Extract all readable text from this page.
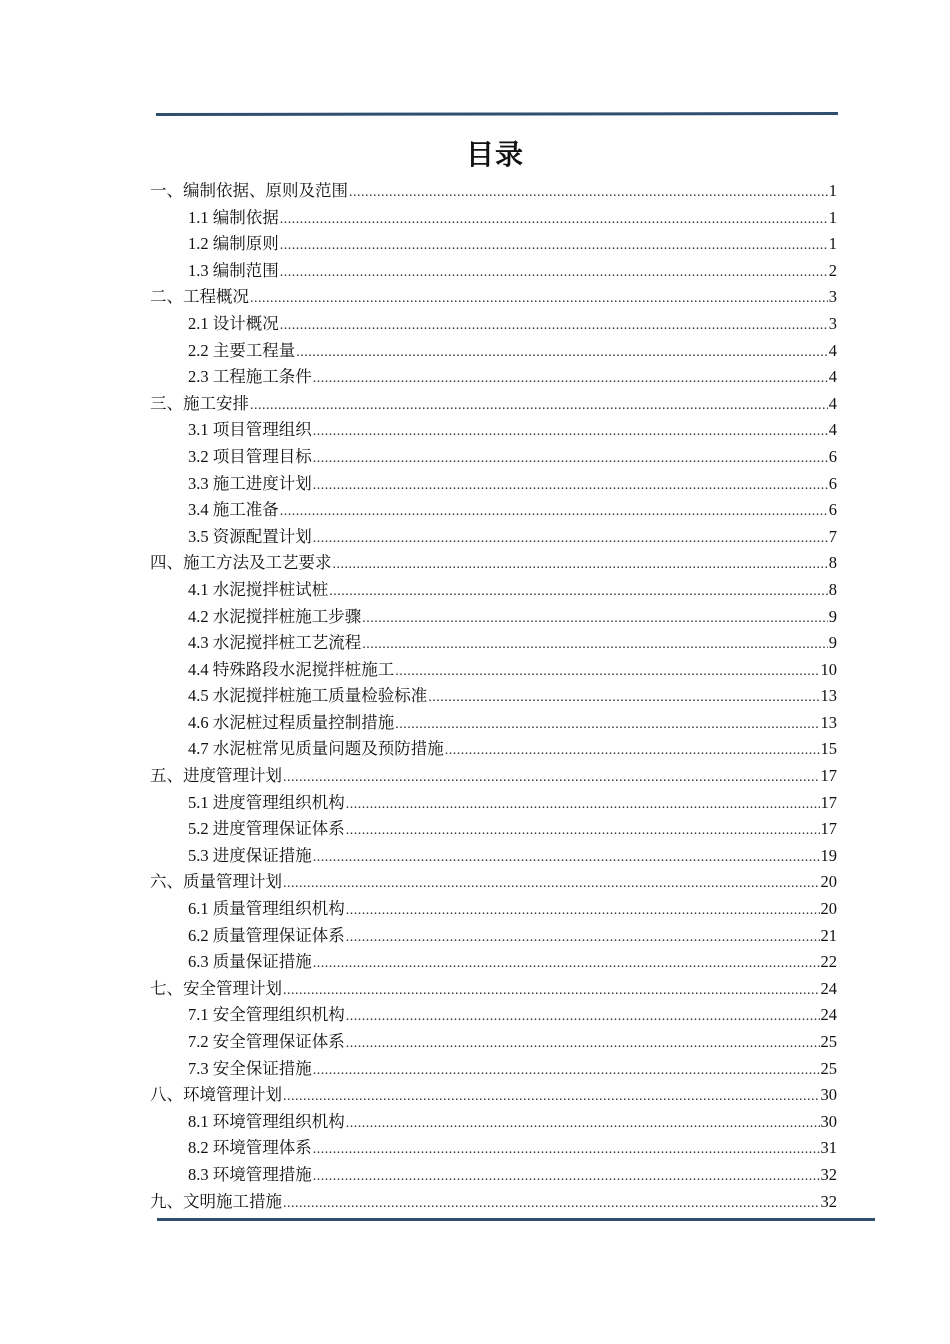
目录
一、编制依据、原则及范围 .....	1
1.1 编制依据 .....	1
1.2 编制原则 .....	1
1.3 编制范围 .....	2
二、工程概况 .....	3
2.1 设计概况 .....	3
2.2 主要工程量 .....	4
2.3 工程施工条件 .....	4
三、施工安排 .....	4
3.1 项目管理组织 .....	4
3.2 项目管理目标 .....	6
3.3 施工进度计划 .....	6
3.4 施工准备 .....	6
3.5 资源配置计划 .....	7
四、施工方法及工艺要求 .....	8
4.1 水泥搅拌桩试桩 .....	8
4.2 水泥搅拌桩施工步骤 .....	9
4.3 水泥搅拌桩工艺流程 .....	9
4.4 特殊路段水泥搅拌桩施工 .....	10
4.5 水泥搅拌桩施工质量检验标准 .....	13
4.6 水泥桩过程质量控制措施 .....	13
4.7 水泥桩常见质量问题及预防措施 .....	15
五、进度管理计划 .....	17
5.1 进度管理组织机构 .....	17
5.2 进度管理保证体系 .....	17
5.3 进度保证措施 .....	19
六、质量管理计划 .....	20
6.1 质量管理组织机构 .....	20
6.2 质量管理保证体系 .....	21
6.3 质量保证措施 .....	22
七、安全管理计划 .....	24
7.1 安全管理组织机构 .....	24
7.2 安全管理保证体系 .....	25
7.3 安全保证措施 .....	25
八、环境管理计划 .....	30
8.1 环境管理组织机构 .....	30
8.2 环境管理体系 .....	31
8.3 环境管理措施 .....	32
九、文明施工措施 .....	32
